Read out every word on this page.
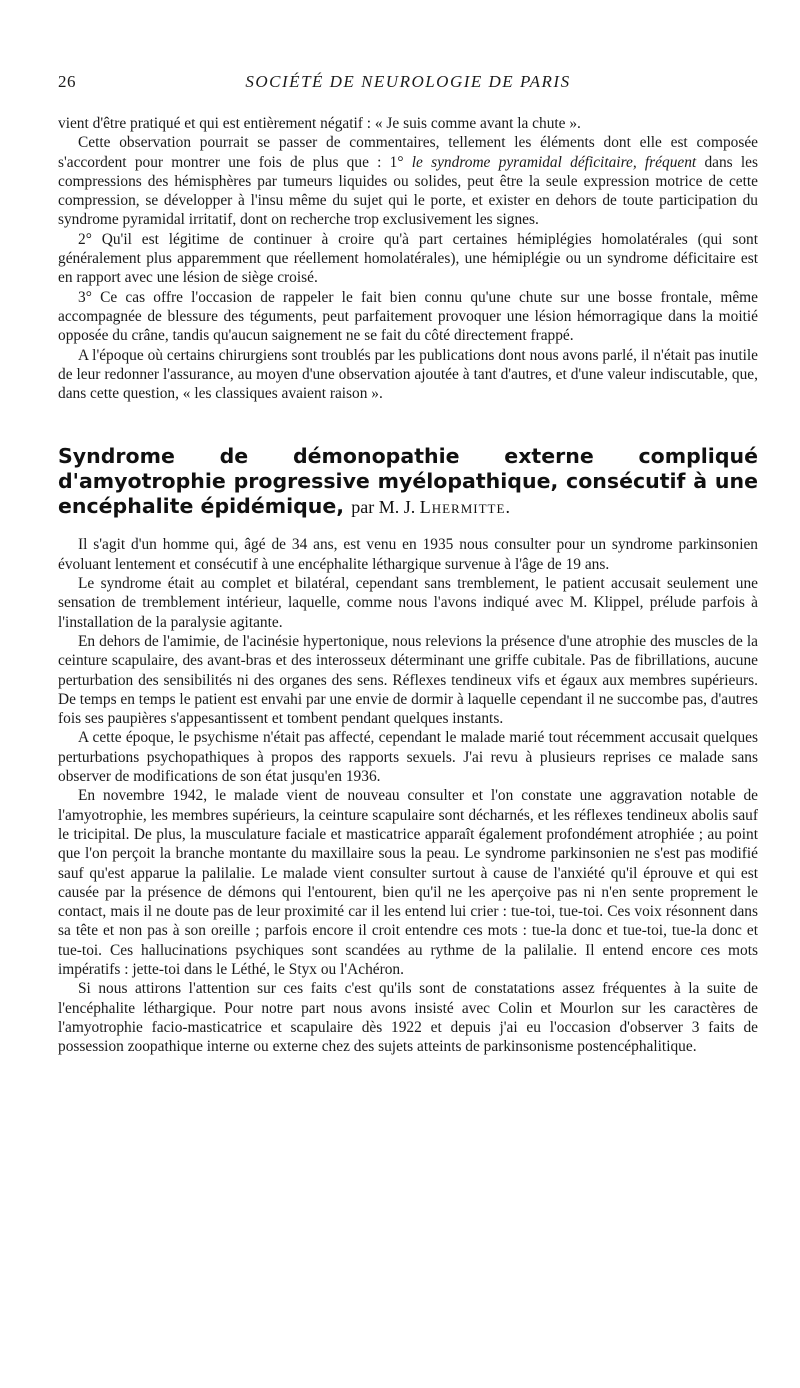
26	SOCIÉTÉ DE NEUROLOGIE DE PARIS

vient d'être pratiqué et qui est entièrement négatif : « Je suis comme avant la chute ».

Cette observation pourrait se passer de commentaires, tellement les éléments dont elle est composée s'accordent pour montrer une fois de plus que : 1° le syndrome pyramidal déficitaire, fréquent dans les compressions des hémisphères par tumeurs liquides ou solides, peut être la seule expression motrice de cette compression, se développer à l'insu même du sujet qui le porte, et exister en dehors de toute participation du syndrome pyramidal irritatif, dont on recherche trop exclusivement les signes.

2° Qu'il est légitime de continuer à croire qu'à part certaines hémiplégies homolatérales (qui sont généralement plus apparemment que réellement homolatérales), une hémiplégie ou un syndrome déficitaire est en rapport avec une lésion de siège croisé.

3° Ce cas offre l'occasion de rappeler le fait bien connu qu'une chute sur une bosse frontale, même accompagnée de blessure des téguments, peut parfaitement provoquer une lésion hémorragique dans la moitié opposée du crâne, tandis qu'aucun saignement ne se fait du côté directement frappé.

A l'époque où certains chirurgiens sont troublés par les publications dont nous avons parlé, il n'était pas inutile de leur redonner l'assurance, au moyen d'une observation ajoutée à tant d'autres, et d'une valeur indiscutable, que, dans cette question, « les classiques avaient raison ».

Syndrome de démonopathie externe compliqué d'amyotrophie progressive myélopathique, consécutif à une encéphalite épidémique, par M. J. Lhermitte.

Il s'agit d'un homme qui, âgé de 34 ans, est venu en 1935 nous consulter pour un syndrome parkinsonien évoluant lentement et consécutif à une encéphalite léthargique survenue à l'âge de 19 ans.

Le syndrome était au complet et bilatéral, cependant sans tremblement, le patient accusait seulement une sensation de tremblement intérieur, laquelle, comme nous l'avons indiqué avec M. Klippel, prélude parfois à l'installation de la paralysie agitante.

En dehors de l'amimie, de l'acinésie hypertonique, nous relevions la présence d'une atrophie des muscles de la ceinture scapulaire, des avant-bras et des interosseux déterminant une griffe cubitale. Pas de fibrillations, aucune perturbation des sensibilités ni des organes des sens. Réflexes tendineux vifs et égaux aux membres supérieurs. De temps en temps le patient est envahi par une envie de dormir à laquelle cependant il ne succombe pas, d'autres fois ses paupières s'appesantissent et tombent pendant quelques instants.

A cette époque, le psychisme n'était pas affecté, cependant le malade marié tout récemment accusait quelques perturbations psychopathiques à propos des rapports sexuels. J'ai revu à plusieurs reprises ce malade sans observer de modifications de son état jusqu'en 1936.

En novembre 1942, le malade vient de nouveau consulter et l'on constate une aggravation notable de l'amyotrophie, les membres supérieurs, la ceinture scapulaire sont décharnés, et les réflexes tendineux abolis sauf le tricipital. De plus, la musculature faciale et masticatrice apparaît également profondément atrophiée ; au point que l'on perçoit la branche montante du maxillaire sous la peau. Le syndrome parkinsonien ne s'est pas modifié sauf qu'est apparue la palilalie. Le malade vient consulter surtout à cause de l'anxiété qu'il éprouve et qui est causée par la présence de démons qui l'entourent, bien qu'il ne les aperçoive pas ni n'en sente proprement le contact, mais il ne doute pas de leur proximité car il les entend lui crier : tue-toi, tue-toi. Ces voix résonnent dans sa tête et non pas à son oreille ; parfois encore il croit entendre ces mots : tue-la donc et tue-toi, tue-la donc et tue-toi. Ces hallucinations psychiques sont scandées au rythme de la palilalie. Il entend encore ces mots impératifs : jette-toi dans le Léthé, le Styx ou l'Achéron.

Si nous attirons l'attention sur ces faits c'est qu'ils sont de constatations assez fréquentes à la suite de l'encéphalite léthargique. Pour notre part nous avons insisté avec Colin et Mourlon sur les caractères de l'amyotrophie facio-masticatrice et scapulaire dès 1922 et depuis j'ai eu l'occasion d'observer 3 faits de possession zoopathique interne ou externe chez des sujets atteints de parkinsonisme postencéphalitique.
